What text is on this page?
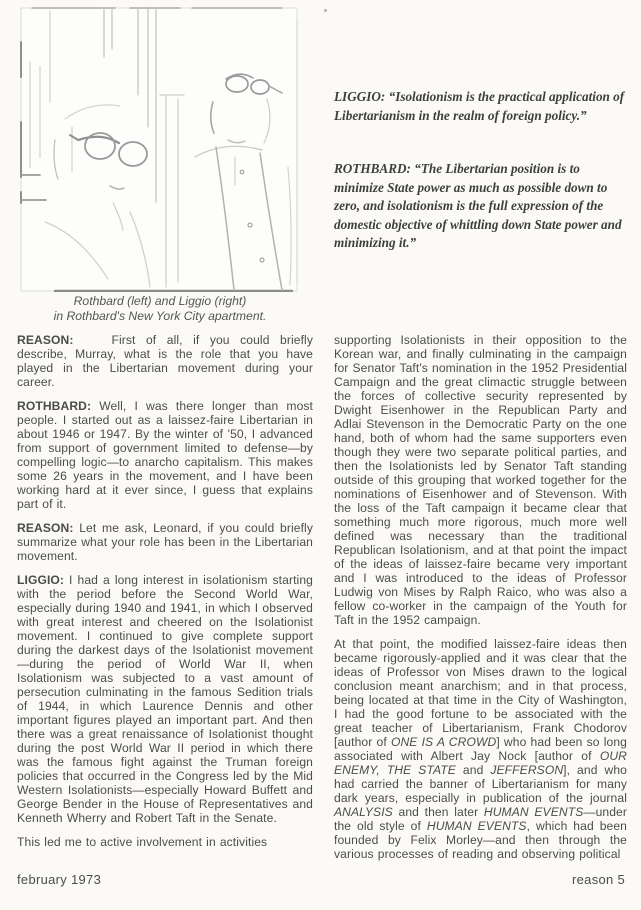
Rothbard (left) and Liggio (right)
in Rothbard's New York City apartment.

LIGGIO: “Isolationism is the practical application of Libertarianism in the realm of foreign policy.”

ROTHBARD: “The Libertarian position is to minimize State power as much as possible down to zero, and isolationism is the full expression of the domestic objective of whittling down State power and minimizing it.”

REASON:	First of all, if you could briefly describe, Murray, what is the role that you have played in the Libertarian movement during your career.

ROTHBARD: Well, I was there longer than most people. I started out as a laissez-faire Libertarian in about 1946 or 1947. By the winter of '50, I advanced from support of government limited to defense—by compelling logic—to anarcho capitalism. This makes some 26 years in the movement, and I have been working hard at it ever since, I guess that explains part of it.

REASON: Let me ask, Leonard, if you could briefly summarize what your role has been in the Libertarian movement.

LIGGIO: I had a long interest in isolationism starting with the period before the Second World War, especially during 1940 and 1941, in which I observed with great interest and cheered on the Isolationist movement. I continued to give complete support during the darkest days of the Isolationist movement—during the period of World War II, when Isolationism was subjected to a vast amount of persecution culminating in the famous Sedition trials of 1944, in which Laurence Dennis and other important figures played an important part. And then there was a great renaissance of Isolationist thought during the post World War II period in which there was the famous fight against the Truman foreign policies that occurred in the Congress led by the Mid Western Isolationists—especially Howard Buffett and George Bender in the House of Representatives and Kenneth Wherry and Robert Taft in the Senate.

This led me to active involvement in activities

supporting Isolationists in their opposition to the Korean war, and finally culminating in the campaign for Senator Taft's nomination in the 1952 Presidential Campaign and the great climactic struggle between the forces of collective security represented by Dwight Eisenhower in the Republican Party and Adlai Stevenson in the Democratic Party on the one hand, both of whom had the same supporters even though they were two separate political parties, and then the Isolationists led by Senator Taft standing outside of this grouping that worked together for the nominations of Eisenhower and of Stevenson. With the loss of the Taft campaign it became clear that something much more rigorous, much more well defined was necessary than the traditional Republican Isolationism, and at that point the impact of the ideas of laissez-faire became very important and I was introduced to the ideas of Professor Ludwig von Mises by Ralph Raico, who was also a fellow co-worker in the campaign of the Youth for Taft in the 1952 campaign.

At that point, the modified laissez-faire ideas then became rigorously-applied and it was clear that the ideas of Professor von Mises drawn to the logical conclusion meant anarchism; and in that process, being located at that time in the City of Washington, I had the good fortune to be associated with the great teacher of Libertarianism, Frank Chodorov [author of ONE IS A CROWD] who had been so long associated with Albert Jay Nock [author of OUR ENEMY, THE STATE and JEFFERSON], and who had carried the banner of Libertarianism for many dark years, especially in publication of the journal ANALYSIS and then later HUMAN EVENTS—under the old style of HUMAN EVENTS, which had been founded by Felix Morley—and then through the various processes of reading and observing political

february 1973	reason 5
